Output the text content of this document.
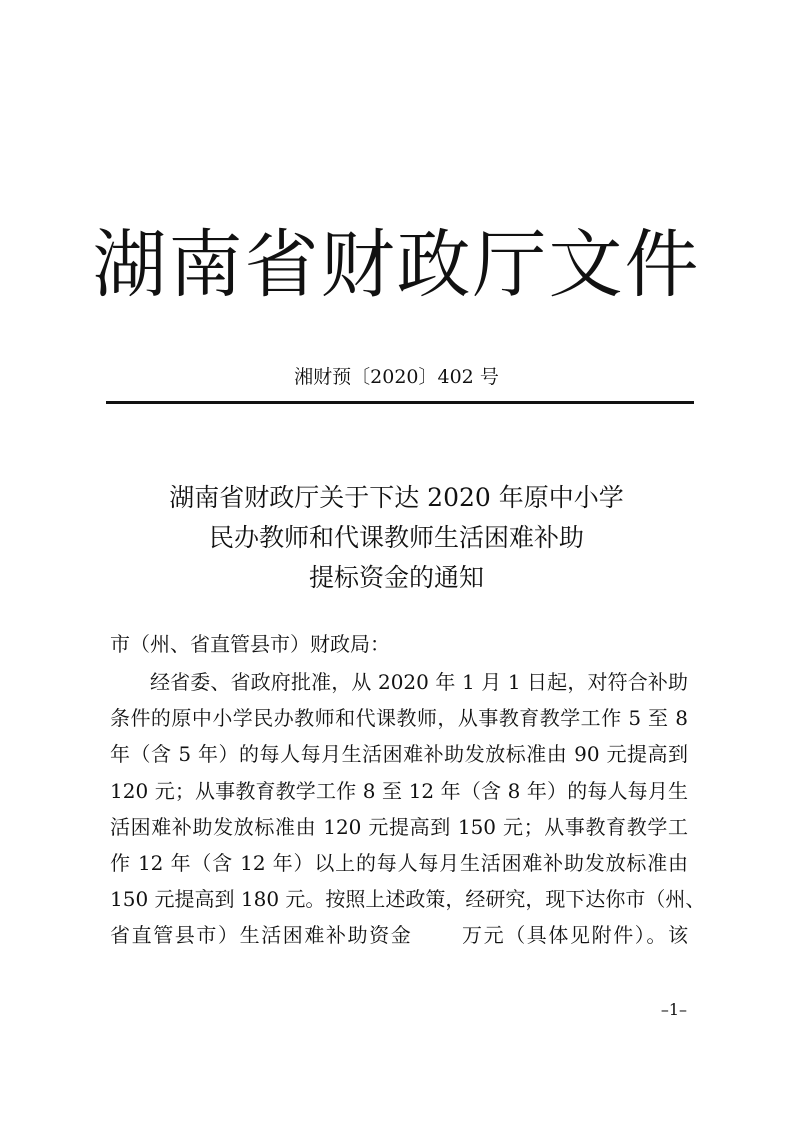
湖南省财政厅文件
湘财预〔2020〕402 号
湖南省财政厅关于下达 2020 年原中小学
民办教师和代课教师生活困难补助
提标资金的通知
市（州、省直管县市）财政局：
经省委、省政府批准，从 2020 年 1 月 1 日起，对符合补助
条件的原中小学民办教师和代课教师，从事教育教学工作 5 至 8
年（含 5 年）的每人每月生活困难补助发放标准由 90 元提高到
120 元；从事教育教学工作 8 至 12 年（含 8 年）的每人每月生
活困难补助发放标准由 120 元提高到 150 元；从事教育教学工
作 12 年（含 12 年）以上的每人每月生活困难补助发放标准由
150 元提高到 180 元。按照上述政策，经研究，现下达你市（州、
省直管县市）生活困难补助资金 万元（具体见附件）。该
–1–
